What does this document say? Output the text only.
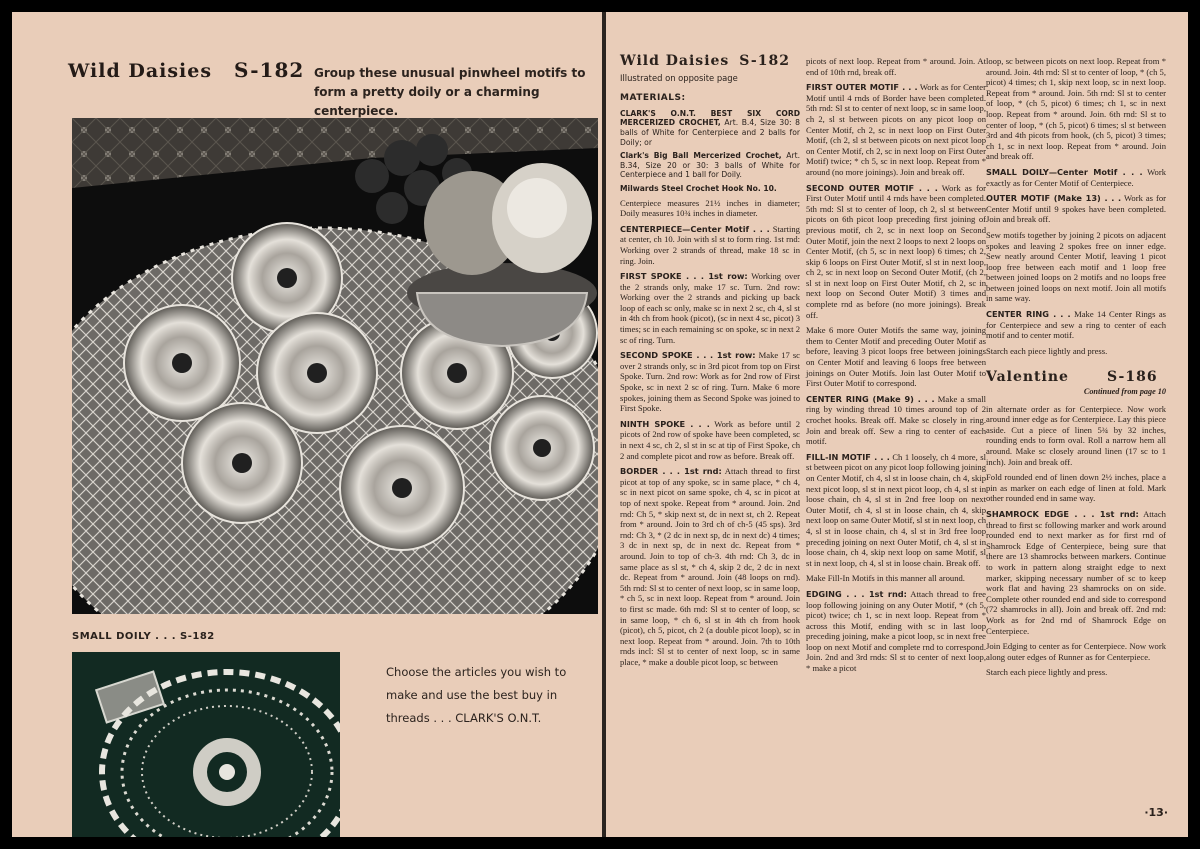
Wild Daisies S-182 Group these unusual pinwheel motifs to form a pretty doily or a charming centerpiece.
SMALL DOILY . . . S-182
Choose the articles you wish to make and use the best buy in threads . . . CLARK'S O.N.T.
Wild Daisies S-182
Illustrated on opposite page
MATERIALS:

CLARK'S O.N.T. BEST SIX CORD MERCERIZED CROCHET, Art. B.4, Size 30: 8 balls of White for Centerpiece and 2 balls for Doily; or

Clark's Big Ball Mercerized Crochet, Art. B.34, Size 20 or 30: 3 balls of White for Centerpiece and 1 ball for Doily.

Milwards Steel Crochet Hook No. 10.

Centerpiece measures 21½ inches in diameter; Doily measures 10¾ inches in diameter.

CENTERPIECE—Center Motif . . . Starting at center, ch 10. Join with sl st to form ring. 1st rnd: Working over 2 strands of thread, make 18 sc in ring. Join.

FIRST SPOKE . . . 1st row: Working over the 2 strands only, make 17 sc. Turn. 2nd row: Working over the 2 strands and picking up back loop of each sc only, make sc in next 2 sc, ch 4, sl st in 4th ch from hook (picot), (sc in next 4 sc, picot) 3 times; sc in each remaining sc on spoke, sc in next 2 sc of ring. Turn.

SECOND SPOKE . . . 1st row: Make 17 sc over 2 strands only, sc in 3rd picot from top on First Spoke. Turn. 2nd row: Work as for 2nd row of First Spoke, sc in next 2 sc of ring. Turn. Make 6 more spokes, joining them as Second Spoke was joined to First Spoke.

NINTH SPOKE . . . Work as before until 2 picots of 2nd row of spoke have been completed, sc in next 4 sc, ch 2, sl st in sc at tip of First Spoke, ch 2 and complete picot and row as before. Break off.

BORDER . . . 1st rnd: Attach thread to first picot at top of any spoke, sc in same place, * ch 4, sc in next picot on same spoke, ch 4, sc in picot at top of next spoke. Repeat from * around. Join. 2nd rnd: Ch 5, * skip next st, dc in next st, ch 2. Repeat from * around. Join to 3rd ch of ch-5 (45 sps). 3rd rnd: Ch 3, * (2 dc in next sp, dc in next dc) 4 times; 3 dc in next sp, dc in next dc. Repeat from * around. Join to top of ch-3. 4th rnd: Ch 3, dc in same place as sl st, * ch 4, skip 2 dc, 2 dc in next dc. Repeat from * around. Join (48 loops on rnd). 5th rnd: Sl st to center of next loop, sc in same loop, * ch 5, sc in next loop. Repeat from * around. Join to first sc made. 6th rnd: Sl st to center of loop, sc in same loop, * ch 6, sl st in 4th ch from hook (picot), ch 5, picot, ch 2 (a double picot loop), sc in next loop. Repeat from * around. Join. 7th to 10th rnds incl: Sl st to center of next loop, sc in same place, * make a double picot loop, sc between

picots of next loop. Repeat from * around. Join. At end of 10th rnd, break off.

FIRST OUTER MOTIF . . . Work as for Center Motif until 4 rnds of Border have been completed. 5th rnd: Sl st to center of next loop, sc in same loop, ch 2, sl st between picots on any picot loop on Center Motif, ch 2, sc in next loop on First Outer Motif, (ch 2, sl st between picots on next picot loop on Center Motif, ch 2, sc in next loop on First Outer Motif) twice; * ch 5, sc in next loop. Repeat from * around (no more joinings). Join and break off.

SECOND OUTER MOTIF . . . Work as for First Outer Motif until 4 rnds have been completed. 5th rnd: Sl st to center of loop, ch 2, sl st between picots on 6th picot loop preceding first joining of previous motif, ch 2, sc in next loop on Second Outer Motif, join the next 2 loops to next 2 loops on Center Motif, (ch 5, sc in next loop) 6 times; ch 2, skip 6 loops on First Outer Motif, sl st in next loop, ch 2, sc in next loop on Second Outer Motif, (ch 2, sl st in next loop on First Outer Motif, ch 2, sc in next loop on Second Outer Motif) 3 times and complete rnd as before (no more joinings). Break off.

Make 6 more Outer Motifs the same way, joining them to Center Motif and preceding Outer Motif as before, leaving 3 picot loops free between joinings on Center Motif and leaving 6 loops free between joinings on Outer Motifs. Join last Outer Motif to First Outer Motif to correspond.

CENTER RING (Make 9) . . . Make a small ring by winding thread 10 times around top of 2 crochet hooks. Break off. Make sc closely in ring. Join and break off. Sew a ring to center of each motif.

FILL-IN MOTIF . . . Ch 1 loosely, ch 4 more, sl st between picot on any picot loop following joining on Center Motif, ch 4, sl st in loose chain, ch 4, skip next picot loop, sl st in next picot loop, ch 4, sl st in loose chain, ch 4, sl st in 2nd free loop on next Outer Motif, ch 4, sl st in loose chain, ch 4, skip next loop on same Outer Motif, sl st in next loop, ch 4, sl st in loose chain, ch 4, sl st in 3rd free loop preceding joining on next Outer Motif, ch 4, sl st in loose chain, ch 4, skip next loop on same Motif, sl st in next loop, ch 4, sl st in loose chain. Break off.

Make Fill-In Motifs in this manner all around.

EDGING . . . 1st rnd: Attach thread to free loop following joining on any Outer Motif, * (ch 5, picot) twice; ch 1, sc in next loop. Repeat from * across this Motif, ending with sc in last loop preceding joining, make a picot loop, sc in next free loop on next Motif and complete rnd to correspond. Join. 2nd and 3rd rnds: Sl st to center of next loop, * make a picot

loop, sc between picots on next loop. Repeat from * around. Join. 4th rnd: Sl st to center of loop, * (ch 5, picot) 4 times; ch 1, skip next loop, sc in next loop. Repeat from * around. Join. 5th rnd: Sl st to center of loop, * (ch 5, picot) 6 times; ch 1, sc in next loop. Repeat from * around. Join. 6th rnd: Sl st to center of loop, * (ch 5, picot) 6 times; sl st between 3rd and 4th picots from hook, (ch 5, picot) 3 times; ch 1, sc in next loop. Repeat from * around. Join and break off.

SMALL DOILY—Center Motif . . . Work exactly as for Center Motif of Centerpiece.

OUTER MOTIF (Make 13) . . . Work as for Center Motif until 9 spokes have been completed. Join and break off.

Sew motifs together by joining 2 picots on adjacent spokes and leaving 2 spokes free on inner edge. Sew neatly around Center Motif, leaving 1 picot loop free between each motif and 1 loop free between joined loops on 2 motifs and no loops free between joined loops on next motif. Join all motifs in same way.

CENTER RING . . . Make 14 Center Rings as for Centerpiece and sew a ring to center of each motif and to center motif.

Starch each piece lightly and press.

Valentine	S-186
Continued from page 10

in alternate order as for Centerpiece. Now work around inner edge as for Centerpiece. Lay this piece aside. Cut a piece of linen 5¾ by 32 inches, rounding ends to form oval. Roll a narrow hem all around. Make sc closely around linen (17 sc to 1 inch). Join and break off.

Fold rounded end of linen down 2½ inches, place a pin as marker on each edge of linen at fold. Mark other rounded end in same way.

SHAMROCK EDGE . . . 1st rnd: Attach thread to first sc following marker and work around rounded end to next marker as for first rnd of Shamrock Edge of Centerpiece, being sure that there are 13 shamrocks between markers. Continue to work in pattern along straight edge to next marker, skipping necessary number of sc to keep work flat and having 23 shamrocks on on side. Complete other rounded end and side to correspond (72 shamrocks in all). Join and break off. 2nd rnd: Work as for 2nd rnd of Shamrock Edge on Centerpiece.

Join Edging to center as for Centerpiece. Now work along outer edges of Runner as for Centerpiece.

Starch each piece lightly and press.

·13·
